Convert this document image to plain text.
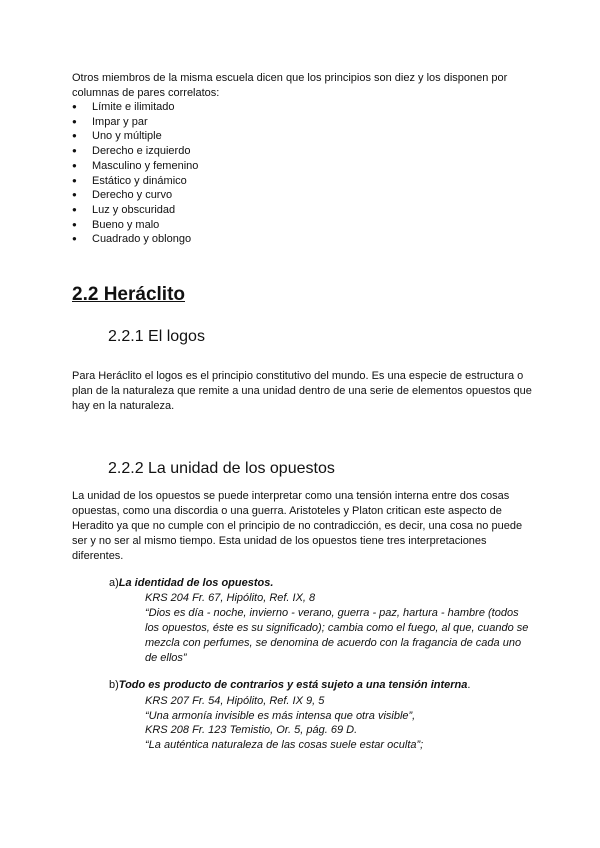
Otros miembros de la misma escuela dicen que los principios son diez y los disponen por columnas de pares correlatos:

● Límite e ilimitado
● Impar y par
● Uno y múltiple
● Derecho e izquierdo
● Masculino y femenino
● Estático y dinámico
● Derecho y curvo
● Luz y obscuridad
● Bueno y malo
● Cuadrado y oblongo
2.2 Heráclito
2.2.1 El logos

Para Heráclito el logos es el principio constitutivo del mundo. Es una especie de estructura o plan de la naturaleza que remite a una unidad dentro de una serie de elementos opuestos que hay en la naturaleza.

2.2.2 La unidad de los opuestos

La unidad de los opuestos se puede interpretar como una tensión interna entre dos cosas opuestas, como una discordia o una guerra. Aristoteles y Platon critican este aspecto de Heradito ya que no cumple con el principio de no contradicción, es decir, una cosa no puede ser y no ser al mismo tiempo. Esta unidad de los opuestos tiene tres interpretaciones diferentes.

a)La identidad de los opuestos.

KRS 204 Fr. 67, Hipólito, Ref. IX, 8

“Dios es día - noche, invierno - verano, guerra - paz, hartura - hambre (todos los opuestos, éste es su significado); cambia como el fuego, al que, cuando se mezcla con perfumes, se denomina de acuerdo con la fragancia de cada uno de ellos”

b)Todo es producto de contrarios y está sujeto a una tensión interna.

KRS 207 Fr. 54, Hipólito, Ref. IX 9, 5

“Una armonía invisible es más intensa que otra visible”,

KRS 208 Fr. 123 Temistio, Or. 5, pág. 69 D.

“La auténtica naturaleza de las cosas suele estar oculta”;
